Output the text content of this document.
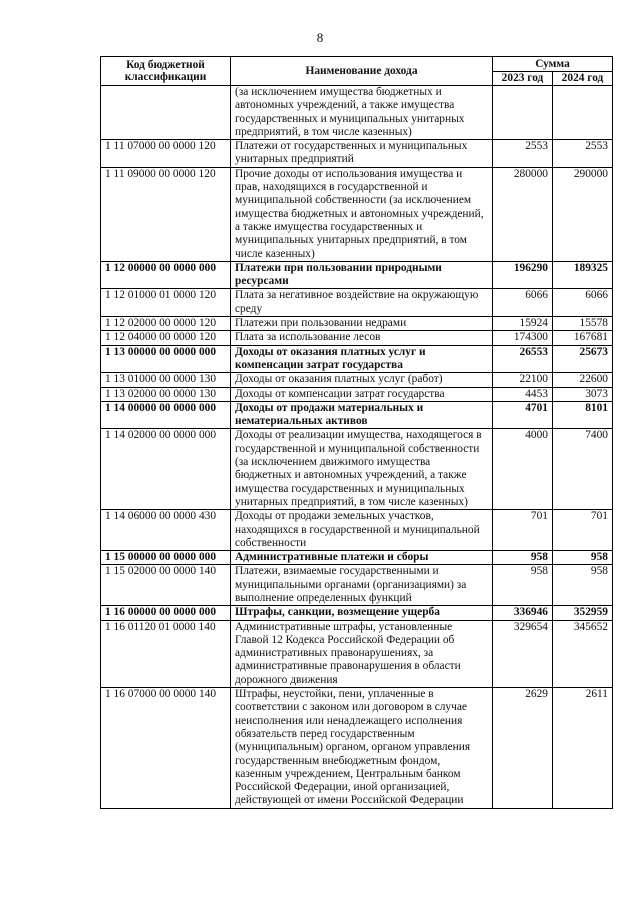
8
Код бюджетной классификации	Наименование дохода	Сумма	
		2023 год	2024 год
	(за исключением имущества бюджетных и автономных учреждений, а также имущества государственных и муниципальных унитарных предприятий, в том числе казенных)		
1 11 07000 00 0000 120	Платежи от государственных и муниципальных унитарных предприятий	2553	2553
1 11 09000 00 0000 120	Прочие доходы от использования имущества и прав, находящихся в государственной и муниципальной собственности (за исключением имущества бюджетных и автономных учреждений, а также имущества государственных и муниципальных унитарных предприятий, в том числе казенных)	280000	290000
1 12 00000 00 0000 000	Платежи при пользовании природными ресурсами	196290	189325
1 12 01000 01 0000 120	Плата за негативное воздействие на окружающую среду	6066	6066
1 12 02000 00 0000 120	Платежи при пользовании недрами	15924	15578
1 12 04000 00 0000 120	Плата за использование лесов	174300	167681
1 13 00000 00 0000 000	Доходы от оказания платных услуг и компенсации затрат государства	26553	25673
1 13 01000 00 0000 130	Доходы от оказания платных услуг (работ)	22100	22600
1 13 02000 00 0000 130	Доходы от компенсации затрат государства	4453	3073
1 14 00000 00 0000 000	Доходы от продажи материальных и нематериальных активов	4701	8101
1 14 02000 00 0000 000	Доходы от реализации имущества, находящегося в государственной и муниципальной собственности (за исключением движимого имущества бюджетных и автономных учреждений, а также имущества государственных и муниципальных унитарных предприятий, в том числе казенных)	4000	7400
1 14 06000 00 0000 430	Доходы от продажи земельных участков, находящихся в государственной и муниципальной собственности	701	701
1 15 00000 00 0000 000	Административные платежи и сборы	958	958
1 15 02000 00 0000 140	Платежи, взимаемые государственными и муниципальными органами (организациями) за выполнение определенных функций	958	958
1 16 00000 00 0000 000	Штрафы, санкции, возмещение ущерба	336946	352959
1 16 01120 01 0000 140	Административные штрафы, установленные Главой 12 Кодекса Российской Федерации об административных правонарушениях, за административные правонарушения в области дорожного движения	329654	345652
1 16 07000 00 0000 140	Штрафы, неустойки, пени, уплаченные в соответствии с законом или договором в случае неисполнения или ненадлежащего исполнения обязательств перед государственным (муниципальным) органом, органом управления государственным внебюджетным фондом, казенным учреждением, Центральным банком Российской Федерации, иной организацией, действующей от имени Российской Федерации	2629	2611
